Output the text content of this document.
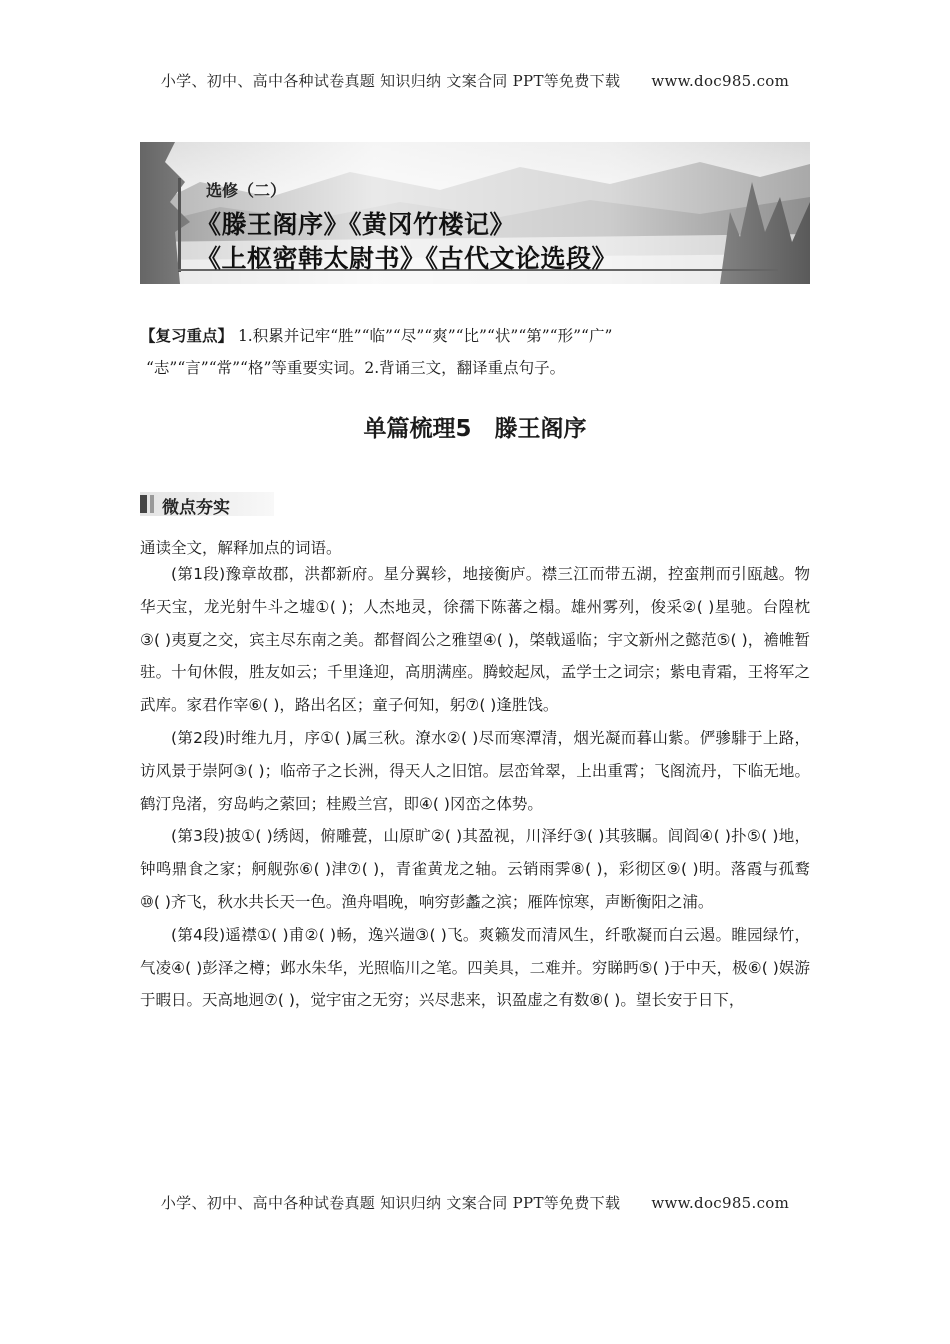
小学、初中、高中各种试卷真题 知识归纳 文案合同 PPT等免费下载 www.doc985.com
选修（二）
《滕王阁序》《黄冈竹楼记》
《上枢密韩太尉书》《古代文论选段》
【复习重点】 1.积累并记牢“胜”“临”“尽”“爽”“比”“状”“第”“形”“广”
“志”“言”“常”“格”等重要实词。2.背诵三文，翻译重点句子。
单篇梳理5　滕王阁序
微点夯实
通读全文，解释加点的词语。

(第1段)豫章故郡，洪都新府。星分翼轸，地接衡庐。襟三江而带五湖，控蛮荆而引瓯越。物华天宝，龙光射牛斗之墟①( )；人杰地灵，徐孺下陈蕃之榻。雄州雾列，俊采②( )星驰。台隍枕③( )夷夏之交，宾主尽东南之美。都督阎公之雅望④( )，棨戟遥临；宇文新州之懿范⑤( )，襜帷暂驻。十旬休假，胜友如云；千里逢迎，高朋满座。腾蛟起凤，孟学士之词宗；紫电青霜，王将军之武库。家君作宰⑥( )，路出名区；童子何知，躬⑦( )逢胜饯。

(第2段)时维九月，序①( )属三秋。潦水②( )尽而寒潭清，烟光凝而暮山紫。俨骖騑于上路，访风景于崇阿③( )；临帝子之长洲，得天人之旧馆。层峦耸翠，上出重霄；飞阁流丹，下临无地。鹤汀凫渚，穷岛屿之萦回；桂殿兰宫，即④( )冈峦之体势。

(第3段)披①( )绣闼，俯雕甍，山原旷②( )其盈视，川泽纡③( )其骇瞩。闾阎④( )扑⑤( )地，钟鸣鼎食之家；舸舰弥⑥( )津⑦( )，青雀黄龙之轴。云销雨霁⑧( )，彩彻区⑨( )明。落霞与孤鹜⑩( )齐飞，秋水共长天一色。渔舟唱晚，响穷彭蠡之滨；雁阵惊寒，声断衡阳之浦。

(第4段)遥襟①( )甫②( )畅，逸兴遄③( )飞。爽籁发而清风生，纤歌凝而白云遏。睢园绿竹，气凌④( )彭泽之樽；邺水朱华，光照临川之笔。四美具，二难并。穷睇眄⑤( )于中天，极⑥( )娱游于暇日。天高地迥⑦( )，觉宇宙之无穷；兴尽悲来，识盈虚之有数⑧( )。望长安于日下，

小学、初中、高中各种试卷真题 知识归纳 文案合同 PPT等免费下载 www.doc985.com
